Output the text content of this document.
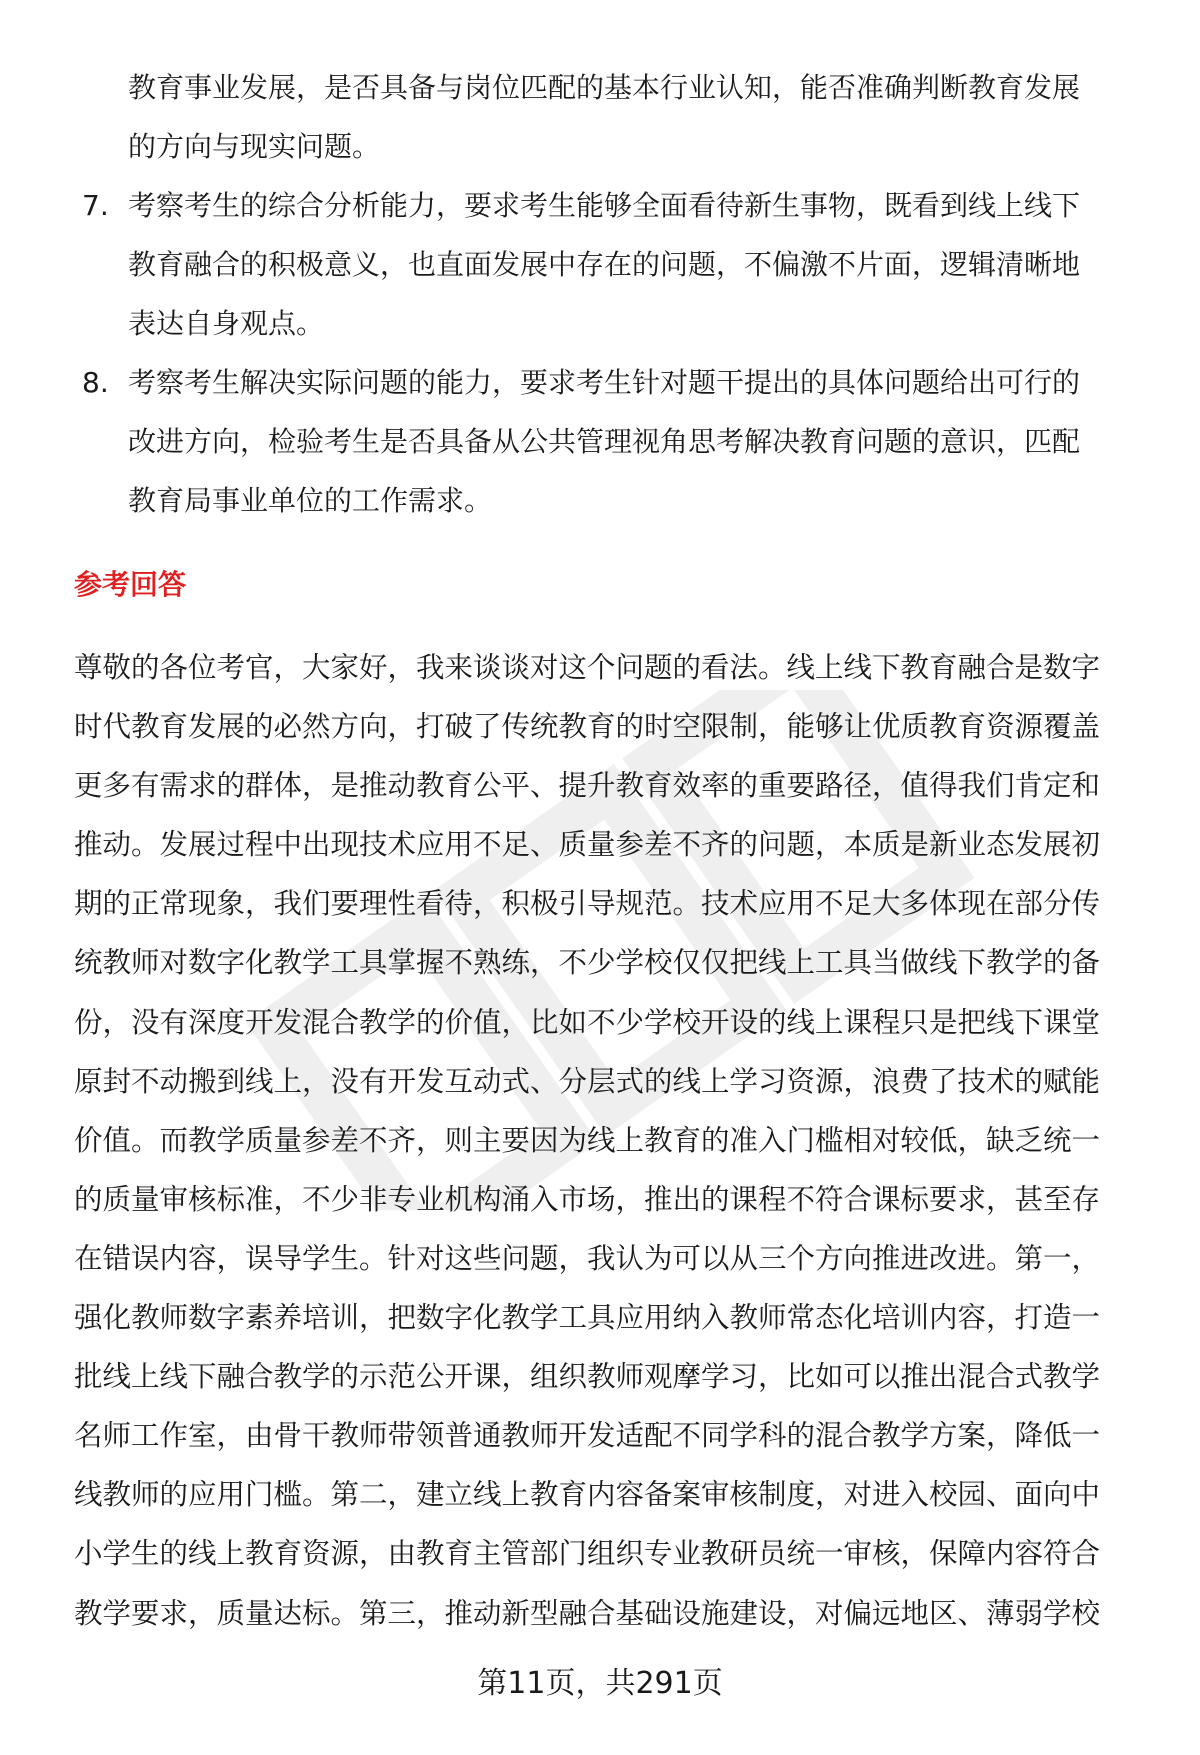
教育事业发展，是否具备与岗位匹配的基本行业认知，能否准确判断教育发展
的方向与现实问题。
7. 考察考生的综合分析能力，要求考生能够全面看待新生事物，既看到线上线下
教育融合的积极意义，也直面发展中存在的问题，不偏激不片面，逻辑清晰地
表达自身观点。
8. 考察考生解决实际问题的能力，要求考生针对题干提出的具体问题给出可行的
改进方向，检验考生是否具备从公共管理视角思考解决教育问题的意识，匹配
教育局事业单位的工作需求。
参考回答
尊敬的各位考官，大家好，我来谈谈对这个问题的看法。线上线下教育融合是数字
时代教育发展的必然方向，打破了传统教育的时空限制，能够让优质教育资源覆盖
更多有需求的群体，是推动教育公平、提升教育效率的重要路径，值得我们肯定和
推动。发展过程中出现技术应用不足、质量参差不齐的问题，本质是新业态发展初
期的正常现象，我们要理性看待，积极引导规范。技术应用不足大多体现在部分传
统教师对数字化教学工具掌握不熟练，不少学校仅仅把线上工具当做线下教学的备
份，没有深度开发混合教学的价值，比如不少学校开设的线上课程只是把线下课堂
原封不动搬到线上，没有开发互动式、分层式的线上学习资源，浪费了技术的赋能
价值。而教学质量参差不齐，则主要因为线上教育的准入门槛相对较低，缺乏统一
的质量审核标准，不少非专业机构涌入市场，推出的课程不符合课标要求，甚至存
在错误内容，误导学生。针对这些问题，我认为可以从三个方向推进改进。第一，
强化教师数字素养培训，把数字化教学工具应用纳入教师常态化培训内容，打造一
批线上线下融合教学的示范公开课，组织教师观摩学习，比如可以推出混合式教学
名师工作室，由骨干教师带领普通教师开发适配不同学科的混合教学方案，降低一
线教师的应用门槛。第二，建立线上教育内容备案审核制度，对进入校园、面向中
小学生的线上教育资源，由教育主管部门组织专业教研员统一审核，保障内容符合
教学要求，质量达标。第三，推动新型融合基础设施建设，对偏远地区、薄弱学校
第11页，共291页
